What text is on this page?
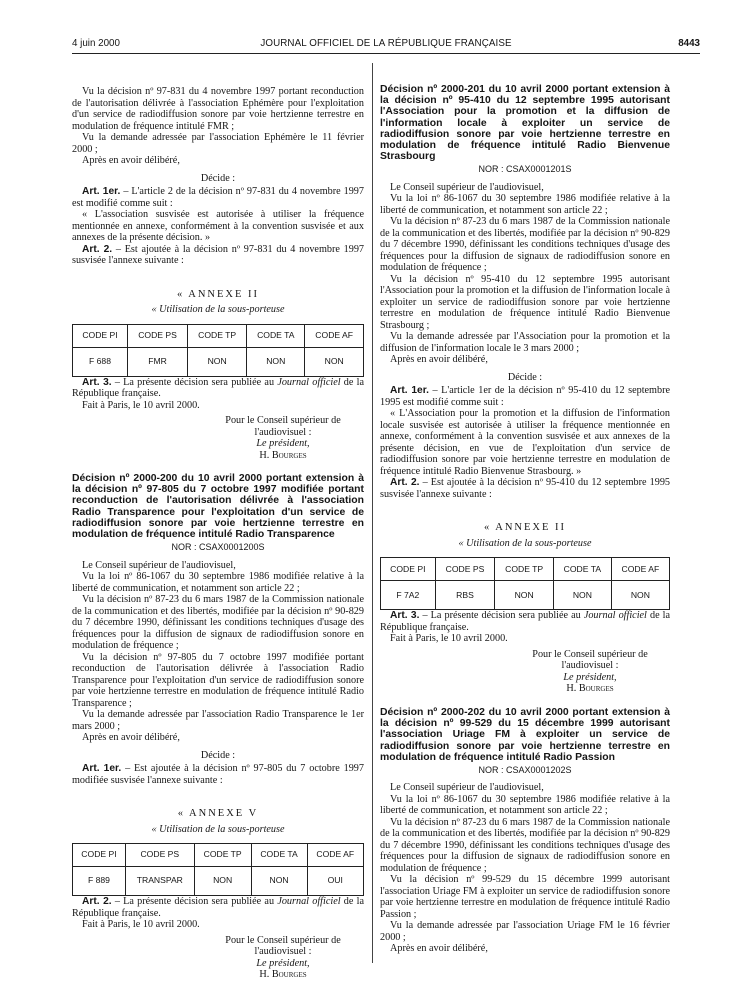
4 juin 2000	JOURNAL OFFICIEL DE LA RÉPUBLIQUE FRANÇAISE	8443

Vu la décision nº 97-831 du 4 novembre 1997 portant reconduction de l'autorisation délivrée à l'association Ephémère pour l'exploitation d'un service de radiodiffusion sonore par voie hertzienne terrestre en modulation de fréquence intitulé FMR ;

Vu la demande adressée par l'association Ephémère le 11 février 2000 ;

Après en avoir délibéré,

Décide :

Art. 1er. – L'article 2 de la décision nº 97-831 du 4 novembre 1997 est modifié comme suit :

« L'association susvisée est autorisée à utiliser la fréquence mentionnée en annexe, conformément à la convention susvisée et aux annexes de la présente décision. »

Art. 2. – Est ajoutée à la décision nº 97-831 du 4 novembre 1997 susvisée l'annexe suivante :

« ANNEXE II
« Utilisation de la sous-porteuse
CODE PI	CODE PS	CODE TP	CODE TA	CODE AF
F 688	FMR	NON	NON	NON

Art. 3. – La présente décision sera publiée au Journal officiel de la République française.

Fait à Paris, le 10 avril 2000.

Pour le Conseil supérieur de l'audiovisuel :

Le président,

H. Bourges

Décision nº 2000-200 du 10 avril 2000 portant extension à la décision nº 97-805 du 7 octobre 1997 modifiée portant reconduction de l'autorisation délivrée à l'association Radio Transparence pour l'exploitation d'un service de radiodiffusion sonore par voie hertzienne terrestre en modulation de fréquence intitulé Radio Transparence
NOR : CSAX0001200S

Le Conseil supérieur de l'audiovisuel,

Vu la loi nº 86-1067 du 30 septembre 1986 modifiée relative à la liberté de communication, et notamment son article 22 ;

Vu la décision nº 87-23 du 6 mars 1987 de la Commission nationale de la communication et des libertés, modifiée par la décision nº 90-829 du 7 décembre 1990, définissant les conditions techniques d'usage des fréquences pour la diffusion de signaux de radiodiffusion sonore en modulation de fréquence ;

Vu la décision nº 97-805 du 7 octobre 1997 modifiée portant reconduction de l'autorisation délivrée à l'association Radio Transparence pour l'exploitation d'un service de radiodiffusion sonore par voie hertzienne terrestre en modulation de fréquence intitulé Radio Transparence ;

Vu la demande adressée par l'association Radio Transparence le 1er mars 2000 ;

Après en avoir délibéré,

Décide :

Art. 1er. – Est ajoutée à la décision nº 97-805 du 7 octobre 1997 modifiée susvisée l'annexe suivante :

« ANNEXE V
« Utilisation de la sous-porteuse
CODE PI	CODE PS	CODE TP	CODE TA	CODE AF
F 889	TRANSPAR	NON	NON	OUI

Art. 2. – La présente décision sera publiée au Journal officiel de la République française.

Fait à Paris, le 10 avril 2000.

Pour le Conseil supérieur de l'audiovisuel :

Le président,

H. Bourges

Décision nº 2000-201 du 10 avril 2000 portant extension à la décision nº 95-410 du 12 septembre 1995 autorisant l'Association pour la promotion et la diffusion de l'information locale à exploiter un service de radiodiffusion sonore par voie hertzienne terrestre en modulation de fréquence intitulé Radio Bienvenue Strasbourg
NOR : CSAX0001201S

Le Conseil supérieur de l'audiovisuel,

Vu la loi nº 86-1067 du 30 septembre 1986 modifiée relative à la liberté de communication, et notamment son article 22 ;

Vu la décision nº 87-23 du 6 mars 1987 de la Commission nationale de la communication et des libertés, modifiée par la décision nº 90-829 du 7 décembre 1990, définissant les conditions techniques d'usage des fréquences pour la diffusion de signaux de radiodiffusion sonore en modulation de fréquence ;

Vu la décision nº 95-410 du 12 septembre 1995 autorisant l'Association pour la promotion et la diffusion de l'information locale à exploiter un service de radiodiffusion sonore par voie hertzienne terrestre en modulation de fréquence intitulé Radio Bienvenue Strasbourg ;

Vu la demande adressée par l'Association pour la promotion et la diffusion de l'information locale le 3 mars 2000 ;

Après en avoir délibéré,

Décide :

Art. 1er. – L'article 1er de la décision nº 95-410 du 12 septembre 1995 est modifié comme suit :

« L'Association pour la promotion et la diffusion de l'information locale susvisée est autorisée à utiliser la fréquence mentionnée en annexe, conformément à la convention susvisée et aux annexes de la présente décision, en vue de l'exploitation d'un service de radiodiffusion sonore par voie hertzienne terrestre en modulation de fréquence intitulé Radio Bienvenue Strasbourg. »

Art. 2. – Est ajoutée à la décision nº 95-410 du 12 septembre 1995 susvisée l'annexe suivante :

« ANNEXE II
« Utilisation de la sous-porteuse
CODE PI	CODE PS	CODE TP	CODE TA	CODE AF
F 7A2	RBS	NON	NON	NON

Art. 3. – La présente décision sera publiée au Journal officiel de la République française.

Fait à Paris, le 10 avril 2000.

Pour le Conseil supérieur de l'audiovisuel :

Le président,

H. Bourges

Décision nº 2000-202 du 10 avril 2000 portant extension à la décision nº 99-529 du 15 décembre 1999 autorisant l'association Uriage FM à exploiter un service de radiodiffusion sonore par voie hertzienne terrestre en modulation de fréquence intitulé Radio Passion
NOR : CSAX0001202S

Le Conseil supérieur de l'audiovisuel,

Vu la loi nº 86-1067 du 30 septembre 1986 modifiée relative à la liberté de communication, et notamment son article 22 ;

Vu la décision nº 87-23 du 6 mars 1987 de la Commission nationale de la communication et des libertés, modifiée par la décision nº 90-829 du 7 décembre 1990, définissant les conditions techniques d'usage des fréquences pour la diffusion de signaux de radiodiffusion sonore en modulation de fréquence ;

Vu la décision nº 99-529 du 15 décembre 1999 autorisant l'association Uriage FM à exploiter un service de radiodiffusion sonore par voie hertzienne terrestre en modulation de fréquence intitulé Radio Passion ;

Vu la demande adressée par l'association Uriage FM le 16 février 2000 ;

Après en avoir délibéré,
